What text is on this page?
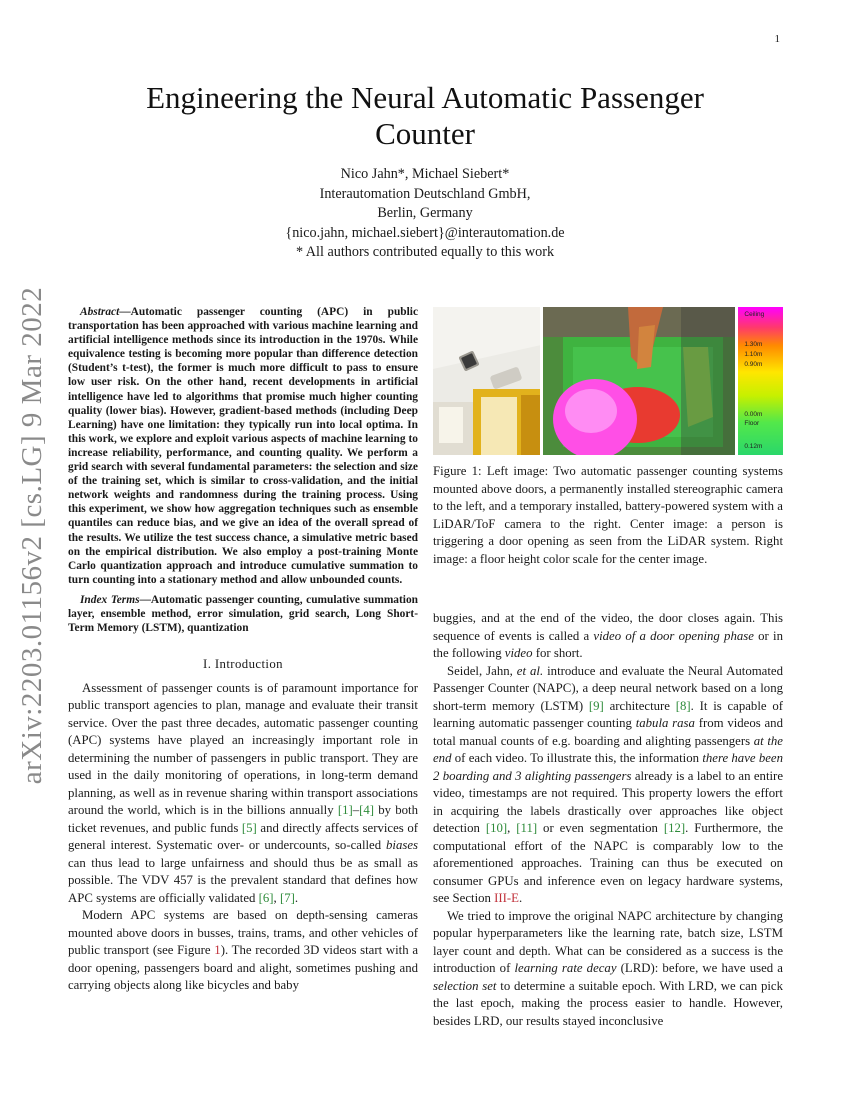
1
arXiv:2203.01156v2 [cs.LG] 9 Mar 2022
Engineering the Neural Automatic Passenger Counter
Nico Jahn*, Michael Siebert*
Interautomation Deutschland GmbH,
Berlin, Germany
{nico.jahn, michael.siebert}@interautomation.de
* All authors contributed equally to this work

Abstract—Automatic passenger counting (APC) in public transportation has been approached with various machine learning and artificial intelligence methods since its introduction in the 1970s. While equivalence testing is becoming more popular than difference detection (Student’s t-test), the former is much more difficult to pass to ensure low user risk. On the other hand, recent developments in artificial intelligence have led to algorithms that promise much higher counting quality (lower bias). However, gradient-based methods (including Deep Learning) have one limitation: they typically run into local optima. In this work, we explore and exploit various aspects of machine learning to increase reliability, performance, and counting quality. We perform a grid search with several fundamental parameters: the selection and size of the training set, which is similar to cross-validation, and the initial network weights and randomness during the training process. Using this experiment, we show how aggregation techniques such as ensemble quantiles can reduce bias, and we give an idea of the overall spread of the results. We utilize the test success chance, a simulative metric based on the empirical distribution. We also employ a post-training Monte Carlo quantization approach and introduce cumulative summation to turn counting into a stationary method and allow unbounded counts.

Index Terms—Automatic passenger counting, cumulative summation layer, ensemble method, error simulation, grid search, Long Short-Term Memory (LSTM), quantization

I. Introduction

Assessment of passenger counts is of paramount importance for public transport agencies to plan, manage and evaluate their transit service. Over the past three decades, automatic passenger counting (APC) systems have played an increasingly important role in determining the number of passengers in public transport. They are used in the daily monitoring of operations, in long-term demand planning, as well as in revenue sharing within transport associations around the world, which is in the billions annually [1]–[4] by both ticket revenues, and public funds [5] and directly affects services of general interest. Systematic over- or undercounts, so-called biases can thus lead to large unfairness and should thus be as small as possible. The VDV 457 is the prevalent standard that defines how APC systems are officially validated [6], [7].

Modern APC systems are based on depth-sensing cameras mounted above doors in busses, trains, trams, and other vehicles of public transport (see Figure 1). The recorded 3D videos start with a door opening, passengers board and alight, sometimes pushing and carrying objects along like bicycles and baby

Ceiling
1.30m
1.10m
0.90m
0.00m
Floor
0.12m

Figure 1: Left image: Two automatic passenger counting systems mounted above doors, a permanently installed stereographic camera to the left, and a temporary installed, battery-powered system with a LiDAR/ToF camera to the right. Center image: a person is triggering a door opening as seen from the LiDAR system. Right image: a floor height color scale for the center image.

buggies, and at the end of the video, the door closes again. This sequence of events is called a video of a door opening phase or in the following video for short.

Seidel, Jahn, et al. introduce and evaluate the Neural Automated Passenger Counter (NAPC), a deep neural network based on a long short-term memory (LSTM) [9] architecture [8]. It is capable of learning automatic passenger counting tabula rasa from videos and total manual counts of e.g. boarding and alighting passengers at the end of each video. To illustrate this, the information there have been 2 boarding and 3 alighting passengers already is a label to an entire video, timestamps are not required. This property lowers the effort in acquiring the labels drastically over approaches like object detection [10], [11] or even segmentation [12]. Furthermore, the computational effort of the NAPC is comparably low to the aforementioned approaches. Training can thus be executed on consumer GPUs and inference even on legacy hardware systems, see Section III-E.

We tried to improve the original NAPC architecture by changing popular hyperparameters like the learning rate, batch size, LSTM layer count and depth. What can be considered as a success is the introduction of learning rate decay (LRD): before, we have used a selection set to determine a suitable epoch. With LRD, we can pick the last epoch, making the process easier to handle. However, besides LRD, our results stayed inconclusive
